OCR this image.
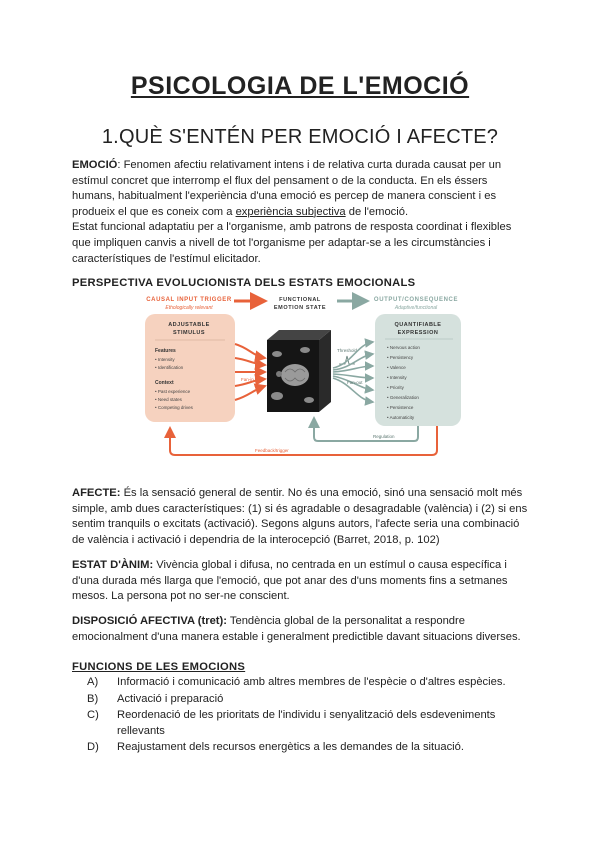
PSICOLOGIA DE L'EMOCIÓ
1.QUÈ S'ENTÉN PER EMOCIÓ I AFECTE?

EMOCIÓ: Fenomen afectiu relativament intens i de relativa curta durada causat per un estímul concret que interromp el flux del pensament o de la conducta. En els éssers humans, habitualment l'experiència d'una emoció es percep de manera conscient i es produeix el que es coneix com a experiència subjectiva de l'emoció.
Estat funcional adaptatiu per a l'organisme, amb patrons de resposta coordinat i flexibles que impliquen canvis a nivell de tot l'organisme per adaptar-se a les circumstàncies i característiques de l'estímul elicitador.

PERSPECTIVA EVOLUCIONISTA DELS ESTATS EMOCIONALS
CAUSAL INPUT TRIGGER
Ethologically relevant
FUNCTIONAL
EMOTION STATE
OUTPUT/CONSEQUENCE
Adaptive/functional
ADJUSTABLE
STIMULUS
Features
• Intensity
• Identification
Context
• Past experience
• Need states
• Competing drives
Fan-in
Threshold
Fan-out
QUANTIFIABLE
EXPRESSION
• Nervous action
• Persistency
• Valence
• Intensity
• Priority
• Generalization
• Persistence
• Automaticity
Regulation
Feedback/trigger

AFECTE: És la sensació general de sentir. No és una emoció, sinó una sensació molt més simple, amb dues característiques: (1) si és agradable o desagradable (valència) i (2) si ens sentim tranquils o excitats (activació). Segons alguns autors, l'afecte seria una combinació de valència i activació i dependria de la interocepció (Barret, 2018, p. 102)

ESTAT D'ÀNIM: Vivència global i difusa, no centrada en un estímul o causa específica i d'una durada més llarga que l'emoció, que pot anar des d'uns moments fins a setmanes mesos. La persona pot no ser-ne conscient.

DISPOSICIÓ AFECTIVA (tret): Tendència global de la personalitat a respondre emocionalment d'una manera estable i generalment predictible davant situacions diverses.

FUNCIONS DE LES EMOCIONS
A)	Informació i comunicació amb altres membres de l'espècie o d'altres espècies.
B)	Activació i preparació
C)	Reordenació de les prioritats de l'individu i senyalització dels esdeveniments rellevants
D)	Reajustament dels recursos energètics a les demandes de la situació.
